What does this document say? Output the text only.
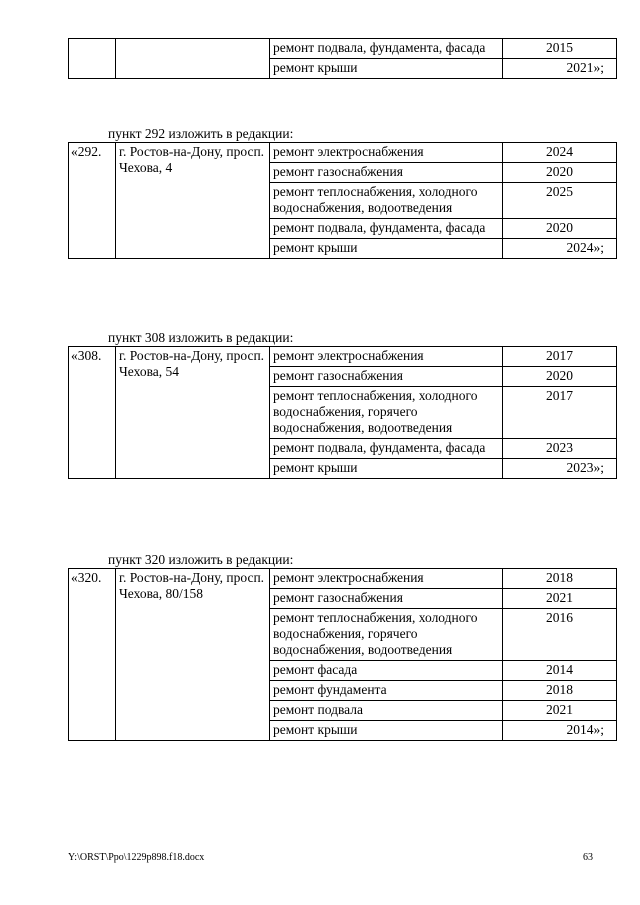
		ремонт подвала, фундамента, фасада	2015
		ремонт крыши	2021»;
пункт 292 изложить в редакции:
«292.	г. Ростов-на-Дону, просп. Чехова, 4	ремонт электроснабжения	2024
		ремонт газоснабжения	2020
		ремонт теплоснабжения, холодного водоснабжения, водоотведения	2025
		ремонт подвала, фундамента, фасада	2020
		ремонт крыши	2024»;
пункт 308 изложить в редакции:
«308.	г. Ростов-на-Дону, просп. Чехова, 54	ремонт электроснабжения	2017
		ремонт газоснабжения	2020
		ремонт теплоснабжения, холодного водоснабжения, горячего водоснабжения, водоотведения	2017
		ремонт подвала, фундамента, фасада	2023
		ремонт крыши	2023»;
пункт 320 изложить в редакции:
«320.	г. Ростов-на-Дону, просп. Чехова, 80/158	ремонт электроснабжения	2018
		ремонт газоснабжения	2021
		ремонт теплоснабжения, холодного водоснабжения, горячего водоснабжения, водоотведения	2016
		ремонт фасада	2014
		ремонт фундамента	2018
		ремонт подвала	2021
		ремонт крыши	2014»;
Y:\ORST\Ppo\1229p898.f18.docx	63
